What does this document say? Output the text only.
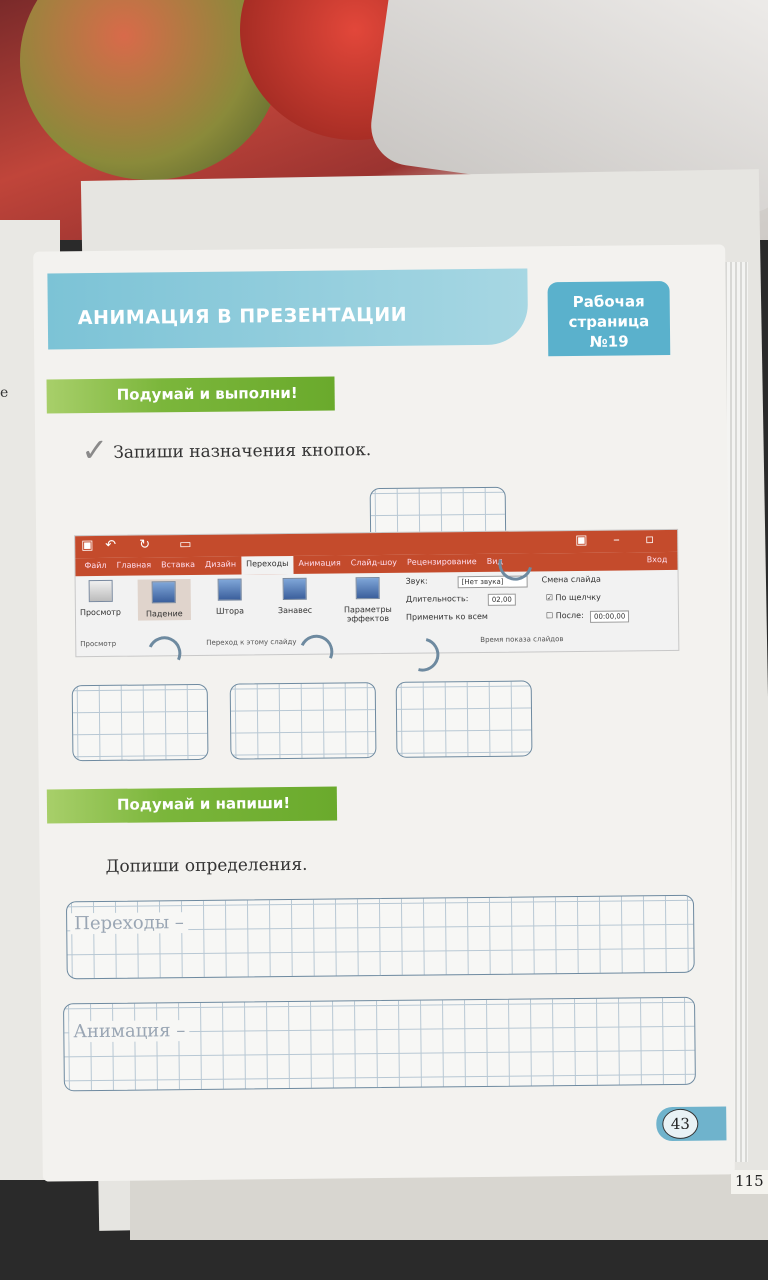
е
115
АНИМАЦИЯ В ПРЕЗЕНТАЦИИ
Рабочая
страница №19
Подумай и выполни!
✓ Запиши назначения кнопок.
▣ ↶ ↻ ▭	▣ – ▫
Файл	Главная	Вставка	Дизайн	Переходы	Анимация	Слайд-шоу	Рецензирование	Вид	Вход
Просмотр	Падение	Штора	Занавес	Параметры
эффектов
Звук:	[Нет звука]
Длительность:	02,00
Применить ко всем
Смена слайда
☑ По щелчку
☐ После:	00:00,00
Просмотр	Переход к этому слайду	Время показа слайдов
Подумай и напиши!
Допиши определения.
Переходы –
Анимация –
43
